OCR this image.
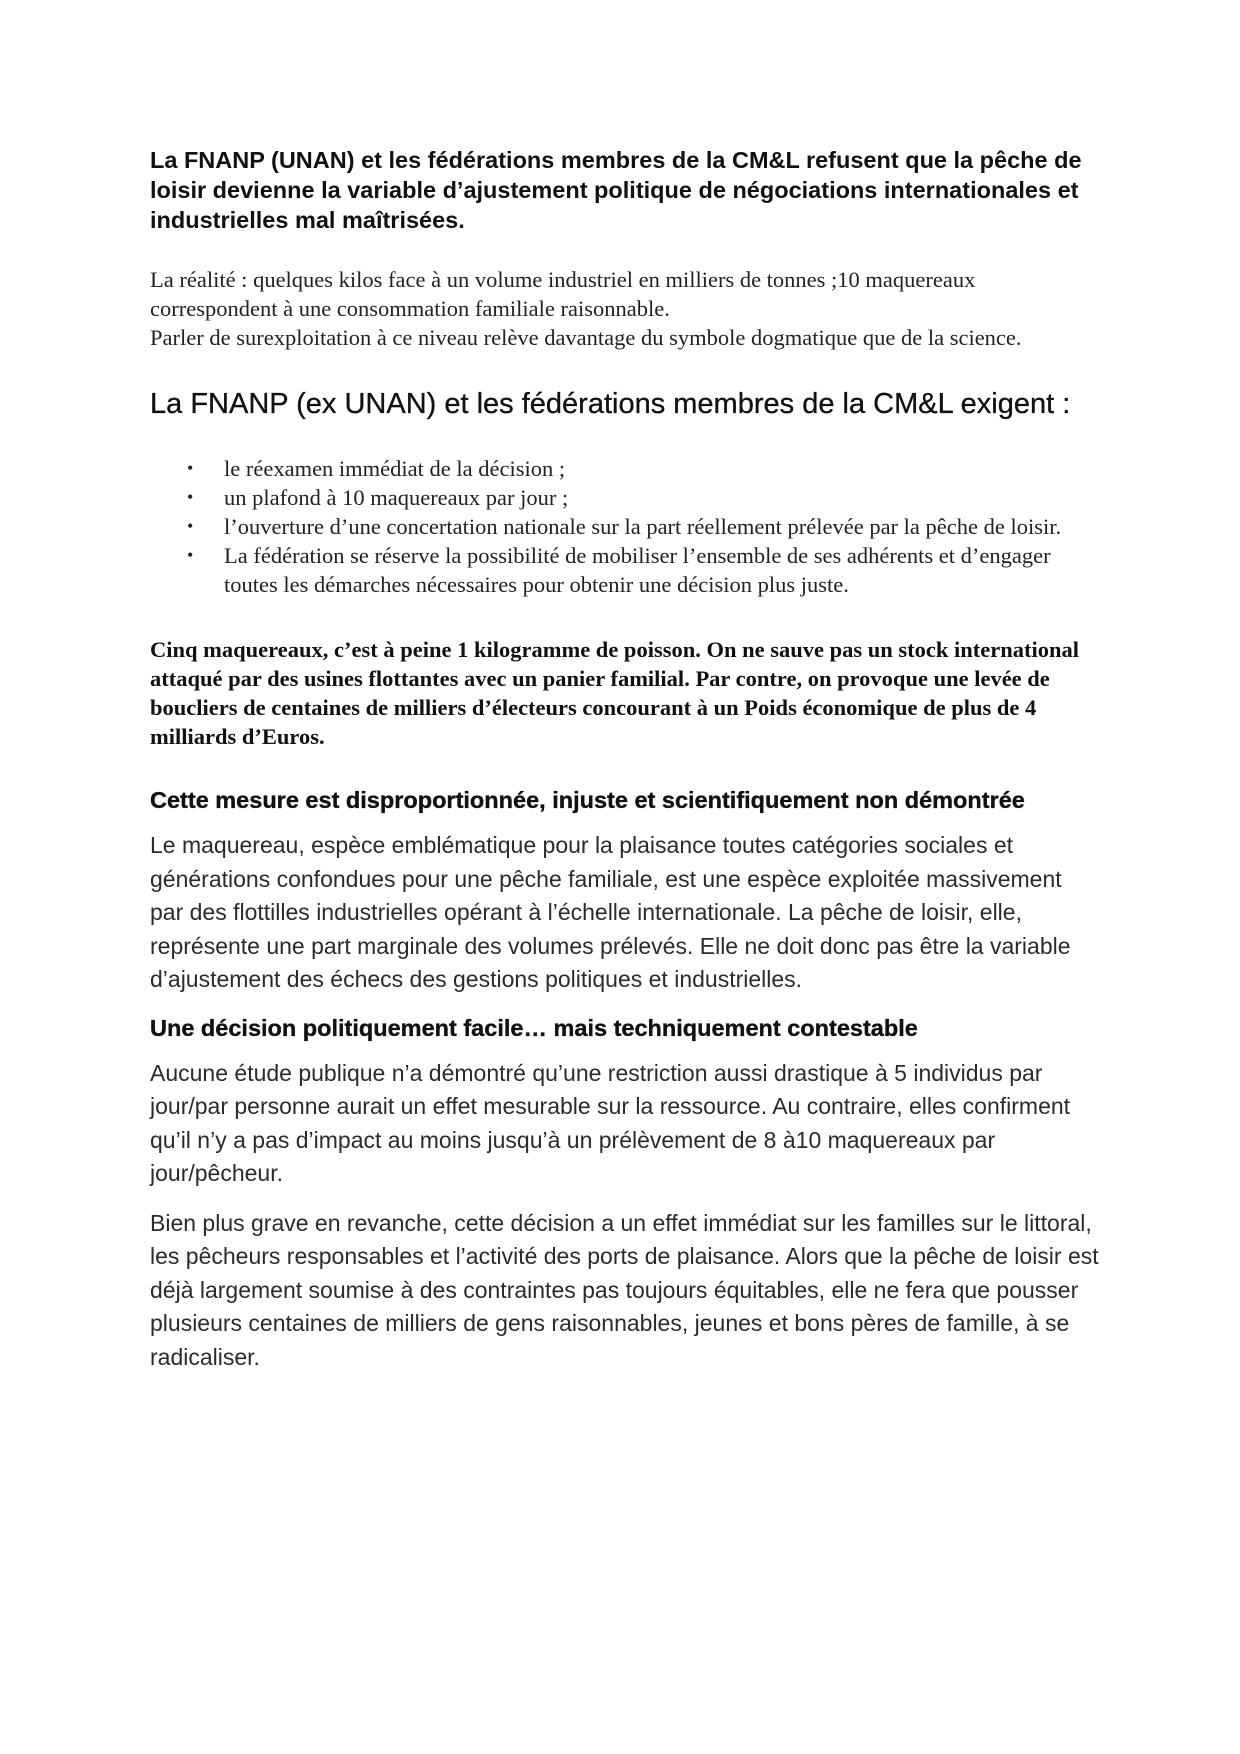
La FNANP (UNAN) et les fédérations membres de la CM&L refusent que la pêche de loisir devienne la variable d’ajustement politique de négociations internationales et industrielles mal maîtrisées.

La réalité : quelques kilos face à un volume industriel en milliers de tonnes ;10 maquereaux correspondent à une consommation familiale raisonnable.
Parler de surexploitation à ce niveau relève davantage du symbole dogmatique que de la science.

La FNANP (ex UNAN) et les fédérations membres de la CM&L exigent :
• le réexamen immédiat de la décision ;
• un plafond à 10 maquereaux par jour ;
• l’ouverture d’une concertation nationale sur la part réellement prélevée par la pêche de loisir.
• La fédération se réserve la possibilité de mobiliser l’ensemble de ses adhérents et d’engager toutes les démarches nécessaires pour obtenir une décision plus juste.

Cinq maquereaux, c’est à peine 1 kilogramme de poisson. On ne sauve pas un stock international attaqué par des usines flottantes avec un panier familial. Par contre, on provoque une levée de boucliers de centaines de milliers d’électeurs concourant à un Poids économique de plus de 4 milliards d’Euros.

Cette mesure est disproportionnée, injuste et scientifiquement non démontrée

Le maquereau, espèce emblématique pour la plaisance toutes catégories sociales et générations confondues pour une pêche familiale, est une espèce exploitée massivement par des flottilles industrielles opérant à l’échelle internationale. La pêche de loisir, elle, représente une part marginale des volumes prélevés. Elle ne doit donc pas être la variable d’ajustement des échecs des gestions politiques et industrielles.

Une décision politiquement facile… mais techniquement contestable

Aucune étude publique n’a démontré qu’une restriction aussi drastique à 5 individus par jour/par personne aurait un effet mesurable sur la ressource. Au contraire, elles confirment qu’il n’y a pas d’impact au moins jusqu’à un prélèvement de 8 à10 maquereaux par jour/pêcheur.

Bien plus grave en revanche, cette décision a un effet immédiat sur les familles sur le littoral, les pêcheurs responsables et l’activité des ports de plaisance. Alors que la pêche de loisir est déjà largement soumise à des contraintes pas toujours équitables, elle ne fera que pousser plusieurs centaines de milliers de gens raisonnables, jeunes et bons pères de famille, à se radicaliser.
